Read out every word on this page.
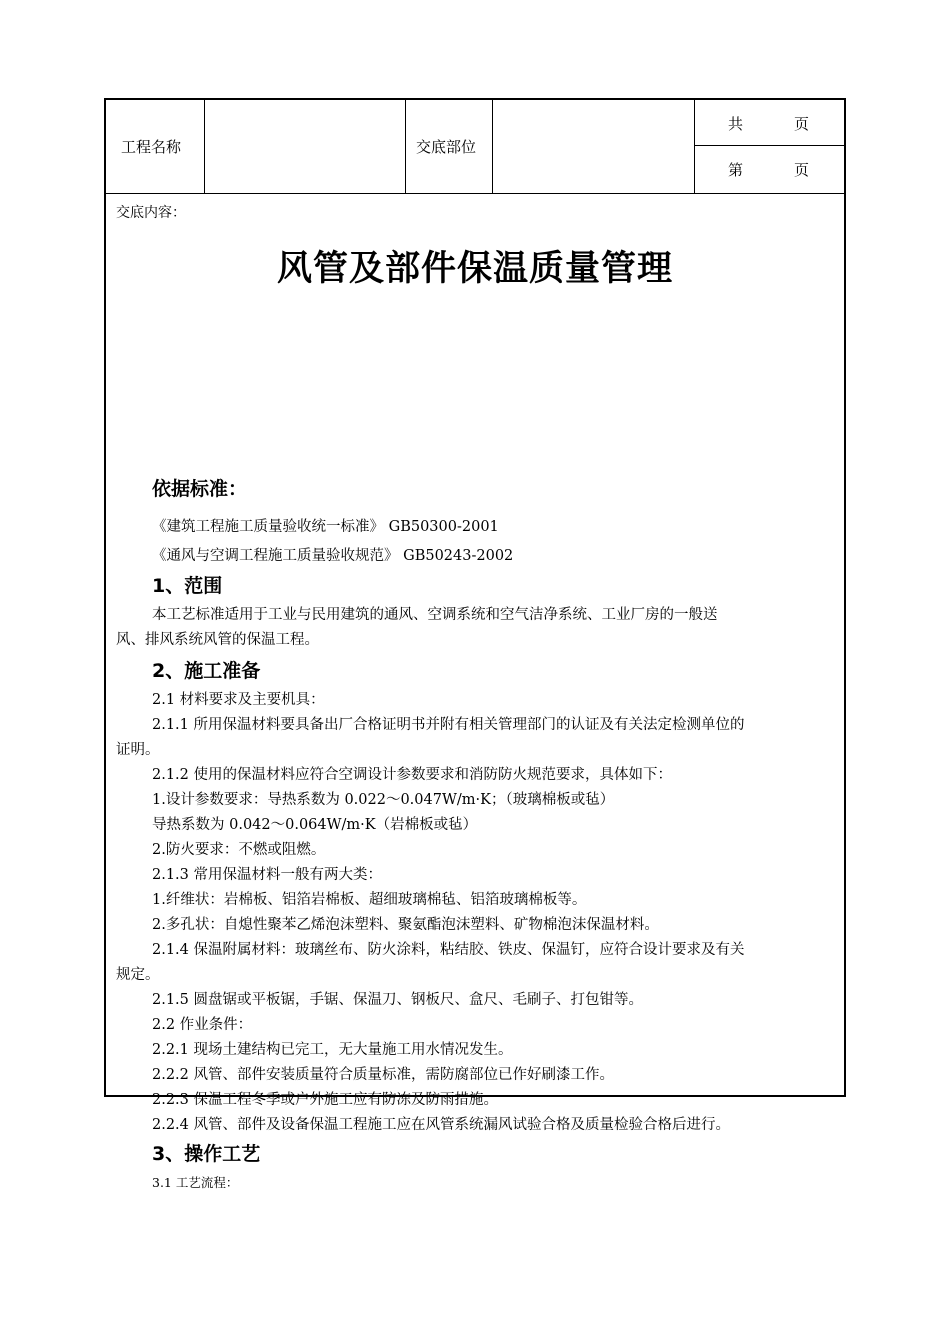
工程名称	交底部位
共	页
第	页
交底内容：
风管及部件保温质量管理
依据标准：
《建筑工程施工质量验收统一标准》 GB50300-2001
《通风与空调工程施工质量验收规范》 GB50243-2002
1、范围
本工艺标准适用于工业与民用建筑的通风、空调系统和空气洁净系统、工业厂房的一般送
风、排风系统风管的保温工程。
2、施工准备
2.1 材料要求及主要机具：
2.1.1 所用保温材料要具备出厂合格证明书并附有相关管理部门的认证及有关法定检测单位的
证明。
2.1.2 使用的保温材料应符合空调设计参数要求和消防防火规范要求，具体如下：
1.设计参数要求：导热系数为 0.022～0.047W/m·K；（玻璃棉板或毡）
导热系数为 0.042～0.064W/m·K（岩棉板或毡）
2.防火要求：不燃或阻燃。
2.1.3 常用保温材料一般有两大类：
1.纤维状：岩棉板、铝箔岩棉板、超细玻璃棉毡、铝箔玻璃棉板等。
2.多孔状：自熄性聚苯乙烯泡沫塑料、聚氨酯泡沫塑料、矿物棉泡沫保温材料。
2.1.4 保温附属材料：玻璃丝布、防火涂料，粘结胶、铁皮、保温钉，应符合设计要求及有关
规定。
2.1.5 圆盘锯或平板锯，手锯、保温刀、钢板尺、盒尺、毛刷子、打包钳等。
2.2 作业条件：
2.2.1 现场土建结构已完工，无大量施工用水情况发生。
2.2.2 风管、部件安装质量符合质量标准，需防腐部位已作好刷漆工作。
2.2.3 保温工程冬季或户外施工应有防冻及防雨措施。
2.2.4 风管、部件及设备保温工程施工应在风管系统漏风试验合格及质量检验合格后进行。
3、操作工艺
3.1 工艺流程：
